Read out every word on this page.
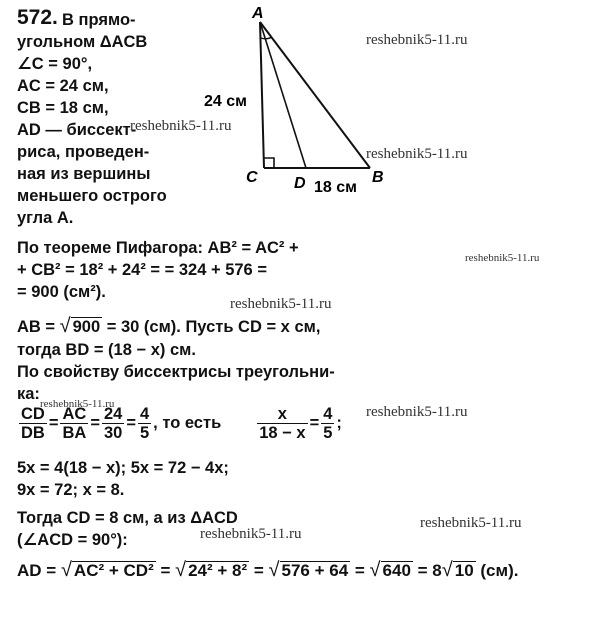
572. В прямо-
угольном ΔACB
∠C = 90°,
AC = 24 см,
CB = 18 см,
AD — биссект-
риса, проведен-
ная из вершины
меньшего острого
угла A.
A
C D	B
24 см
18 см
По теореме Пифагора: AB² = AC² +
+ CB² = 18² + 24² = = 324 + 576 =
= 900 (см²).
AB = √ 900 = 30 (см). Пусть CD = x см,
тогда BD = (18 − x) см.
По свойству биссектрисы треугольни-
ка:
$\frac{CD}{DB} = \frac{AC}{BA} = \frac{24}{30} = \frac{4}{5}$ , то есть $\frac{x}{18 - x} = \frac{4}{5}$ ;
5x = 4(18 − x); 5x = 72 − 4x;
9x = 72; x = 8.
Тогда CD = 8 см, а из ΔACD
(∠ACD = 90°):
AD = √ AC² + CD² = √ 24² + 8² = √ 576 + 64 = √ 640 = 8√ 10 (см).
reshebnik5-11.ru
reshebnik5-11.ru
reshebnik5-11.ru
reshebnik5-11.ru
reshebnik5-11.ru
reshebnik5-11.ru	reshebnik5-11.ru
reshebnik5-11.ru
reshebnik5-11.ru
